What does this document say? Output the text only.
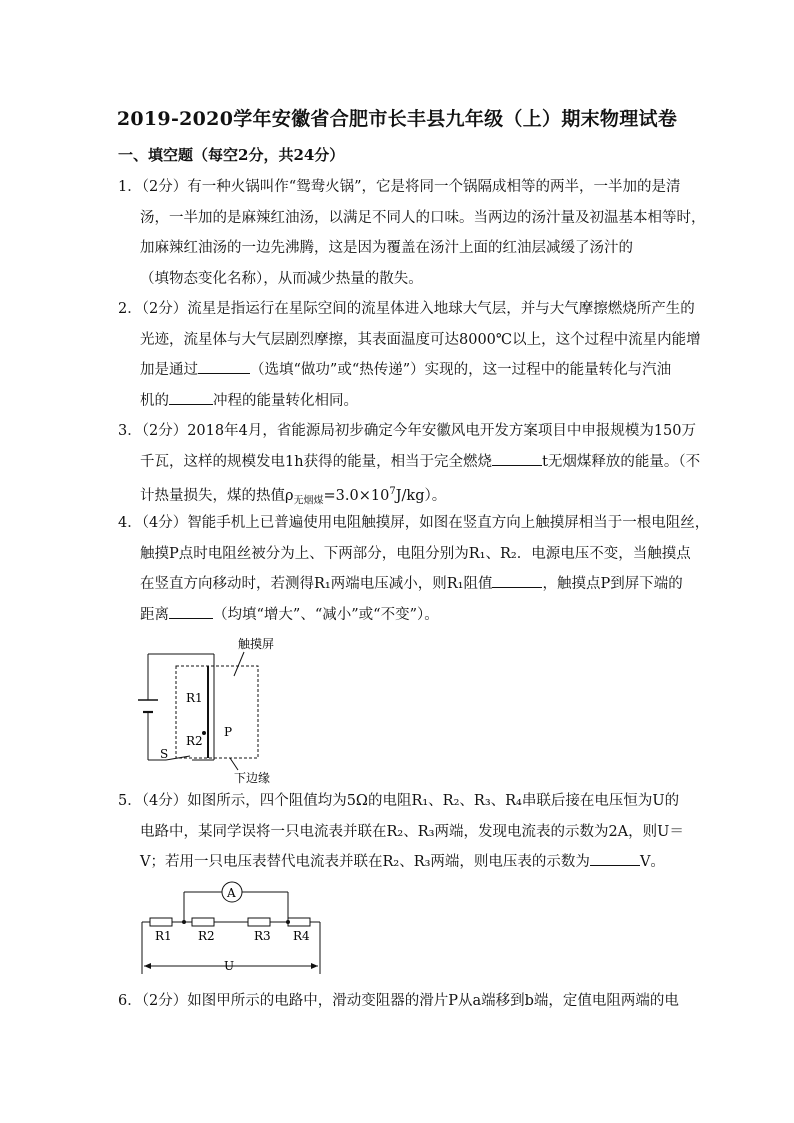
2019-2020学年安徽省合肥市长丰县九年级（上）期末物理试卷
一、填空题（每空2分，共24分）
1．（2分）有一种火锅叫作“鸳鸯火锅”，它是将同一个锅隔成相等的两半，一半加的是清
汤，一半加的是麻辣红油汤，以满足不同人的口味。当两边的汤汁量及初温基本相等时，
加麻辣红油汤的一边先沸腾，这是因为覆盖在汤汁上面的红油层减缓了汤汁的
（填物态变化名称），从而减少热量的散失。
2．（2分）流星是指运行在星际空间的流星体进入地球大气层，并与大气摩擦燃烧所产生的
光迹，流星体与大气层剧烈摩擦，其表面温度可达8000℃以上，这个过程中流星内能增
加是通过	（选填“做功”或“热传递”）实现的，这一过程中的能量转化与汽油
机的	冲程的能量转化相同。
3．（2分）2018年4月，省能源局初步确定今年安徽风电开发方案项目中申报规模为150万
千瓦，这样的规模发电1h获得的能量，相当于完全燃烧	t无烟煤释放的能量。（不
计热量损失，煤的热值$\rho_{无烟煤}=3.0\times 10^7J/kg$）。
4．（4分）智能手机上已普遍使用电阻触摸屏，如图在竖直方向上触摸屏相当于一根电阻丝，
触摸P点时电阻丝被分为上、下两部分，电阻分别为R₁、R₂．电源电压不变，当触摸点
在竖直方向移动时，若测得R₁两端电压减小，则R₁阻值	，触摸点P到屏下端的
距离	（均填“增大”、“减小”或“不变”）。
触摸屏
下边缘
R1
R2
P
S
5．（4分）如图所示，四个阻值均为5Ω的电阻R₁、R₂、R₃、R₄串联后接在电压恒为U的
电路中，某同学误将一只电流表并联在R₂、R₃两端，发现电流表的示数为2A，则U＝
V；若用一只电压表替代电流表并联在R₂、R₃两端，则电压表的示数为	V。
A
R1 R2	R3 R4
U
6．（2分）如图甲所示的电路中，滑动变阻器的滑片P从a端移到b端，定值电阻两端的电
